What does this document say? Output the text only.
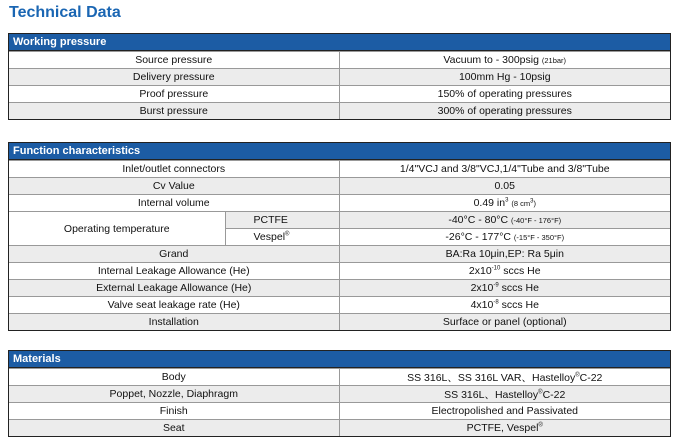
Technical Data
Working pressure
Source pressure	Vacuum to - 300psig (21bar)
Delivery pressure	100mm Hg - 10psig
Proof pressure	150% of operating pressures
Burst pressure	300% of operating pressures
Function characteristics
Inlet/outlet connectors		1/4"VCJ and 3/8"VCJ,1/4"Tube and 3/8"Tube
Cv Value		0.05
Internal volume		0.49 $in^3$ (8 $cm^3$)
Operating temperature	PCTFE	-40°C - 80°C (-40°F - 176°F)
	Vespel®	-26°C - 177°C (-15°F - 350°F)
Grand		BA:Ra 10μin,EP: Ra 5μin
Internal Leakage Allowance (He)		$2x10^{-10}$ sccs He
External Leakage Allowance (He)		$2x10^{-9}$ sccs He
Valve seat leakage rate (He)		$4x10^{-8}$ sccs He
Installation		Surface or panel (optional)
Materials
Body	SS 316L、SS 316L VAR、Hastelloy®C-22
Poppet, Nozzle, Diaphragm	SS 316L、Hastelloy®C-22
Finish	Electropolished and Passivated
Seat	PCTFE, Vespel®
